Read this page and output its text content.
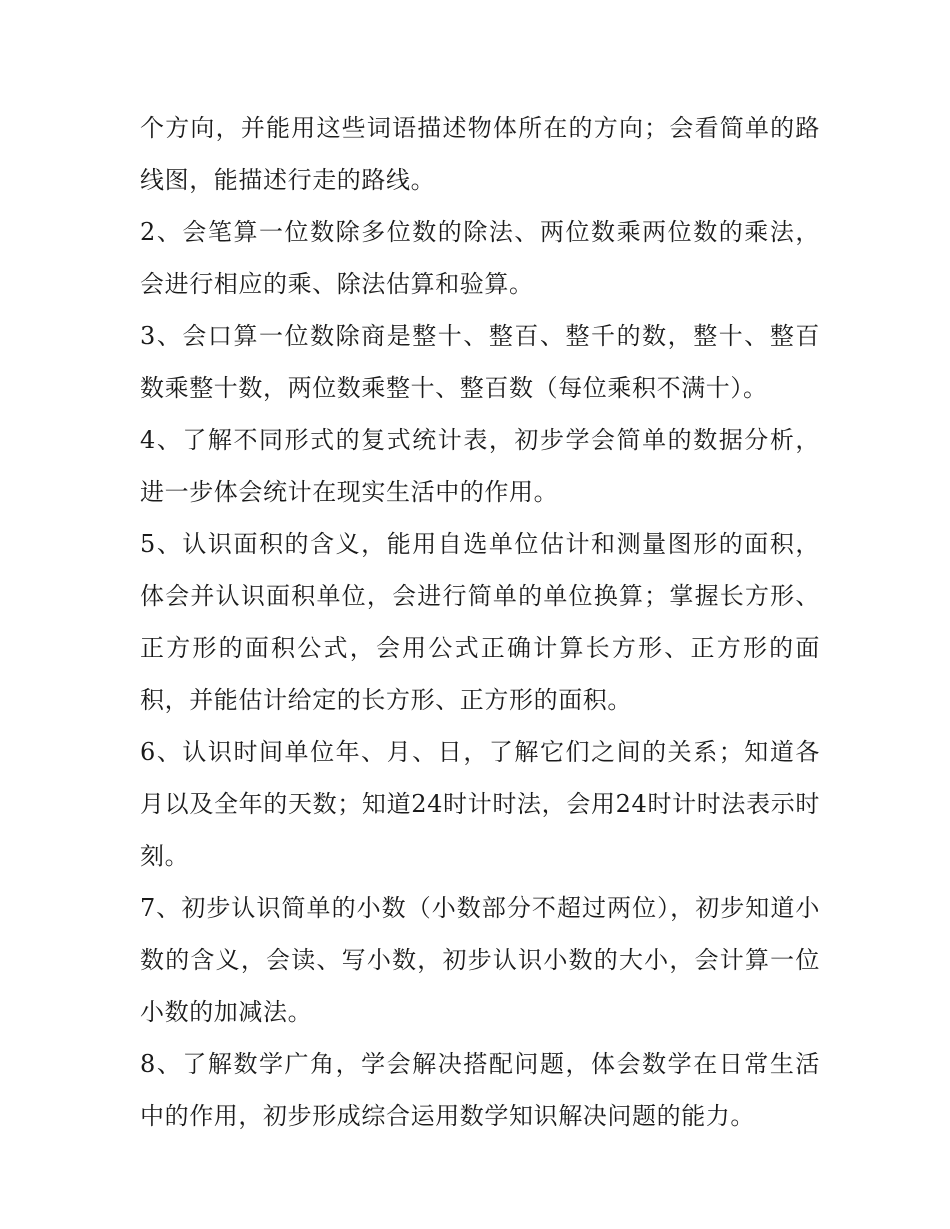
个方向，并能用这些词语描述物体所在的方向；会看简单的路线图，能描述行走的路线。

2、会笔算一位数除多位数的除法、两位数乘两位数的乘法，会进行相应的乘、除法估算和验算。

3、会口算一位数除商是整十、整百、整千的数，整十、整百数乘整十数，两位数乘整十、整百数（每位乘积不满十）。

4、了解不同形式的复式统计表，初步学会简单的数据分析，进一步体会统计在现实生活中的作用。

5、认识面积的含义，能用自选单位估计和测量图形的面积，体会并认识面积单位，会进行简单的单位换算；掌握长方形、正方形的面积公式，会用公式正确计算长方形、正方形的面积，并能估计给定的长方形、正方形的面积。

6、认识时间单位年、月、日，了解它们之间的关系；知道各月以及全年的天数；知道24时计时法，会用24时计时法表示时刻。

7、初步认识简单的小数（小数部分不超过两位），初步知道小数的含义，会读、写小数，初步认识小数的大小，会计算一位小数的加减法。

8、了解数学广角，学会解决搭配问题，体会数学在日常生活中的作用，初步形成综合运用数学知识解决问题的能力。
